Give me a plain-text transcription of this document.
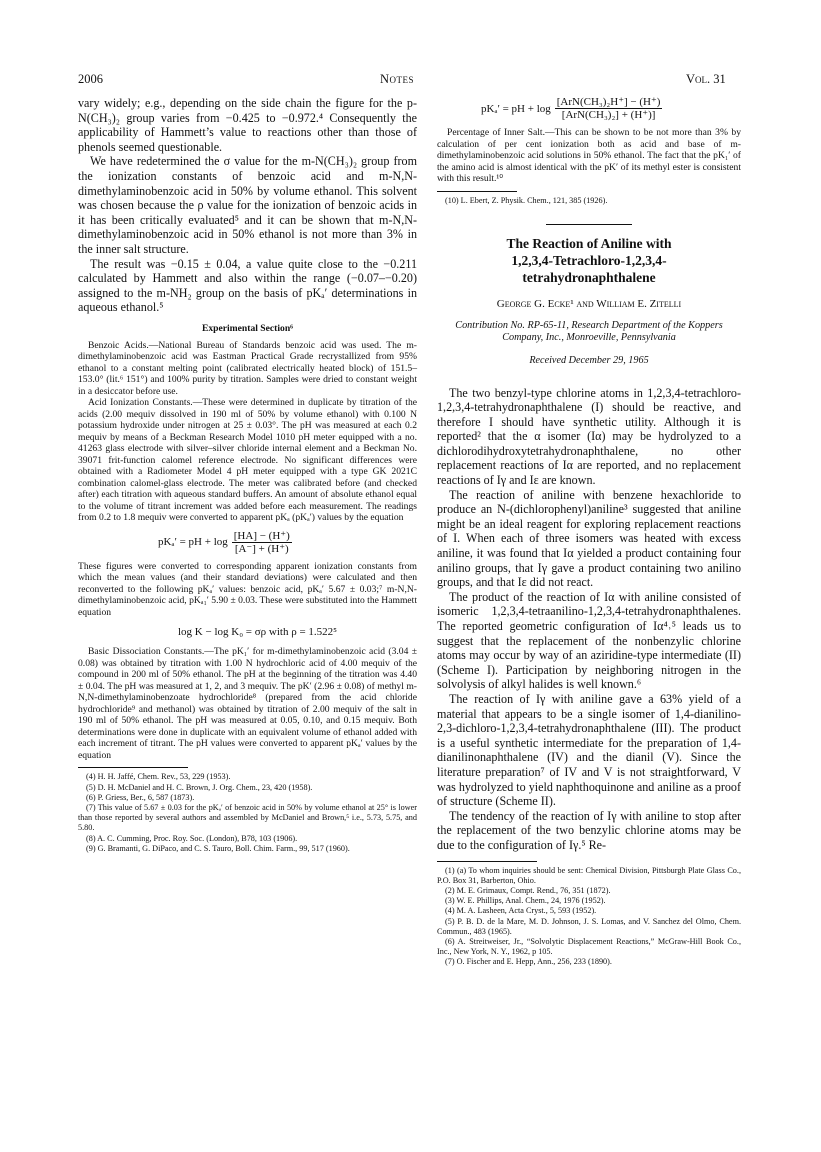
2006	Notes	Vol. 31

vary widely; e.g., depending on the side chain the figure for the p-N(CH₃)₂ group varies from −0.425 to −0.972.⁴ Consequently the applicability of Hammett’s value to reactions other than those of phenols seemed questionable.

We have redetermined the σ value for the m-N(CH₃)₂ group from the ionization constants of benzoic acid and m-N,N-dimethylaminobenzoic acid in 50% by volume ethanol. This solvent was chosen because the ρ value for the ionization of benzoic acids in it has been critically evaluated⁵ and it can be shown that m-N,N-dimethylaminobenzoic acid in 50% ethanol is not more than 3% in the inner salt structure.

The result was −0.15 ± 0.04, a value quite close to the −0.211 calculated by Hammett and also within the range (−0.07–−0.20) assigned to the m-NH₂ group on the basis of pKₐ′ determinations in aqueous ethanol.⁵

Experimental Section⁶

Benzoic Acids.—National Bureau of Standards benzoic acid was used. The m-dimethylaminobenzoic acid was Eastman Practical Grade recrystallized from 95% ethanol to a constant melting point (calibrated electrically heated block) of 151.5–153.0° (lit.⁶ 151°) and 100% purity by titration. Samples were dried to constant weight in a desiccator before use.

Acid Ionization Constants.—These were determined in duplicate by titration of the acids (2.00 mequiv dissolved in 190 ml of 50% by volume ethanol) with 0.100 N potassium hydroxide under nitrogen at 25 ± 0.03°. The pH was measured at each 0.2 mequiv by means of a Beckman Research Model 1010 pH meter equipped with a no. 41263 glass electrode with silver–silver chloride internal element and a Beckman No. 39071 frit-function calomel reference electrode. No significant differences were obtained with a Radiometer Model 4 pH meter equipped with a type GK 2021C combination calomel-glass electrode. The meter was calibrated before (and checked after) each titration with aqueous standard buffers. An amount of absolute ethanol equal to the volume of titrant increment was added before each measurement. The readings from 0.2 to 1.8 mequiv were converted to apparent pKₐ (pKₐ′) values by the equation

pKₐ′ = pH + $\log \frac{[HA] - (H^+)}{[A^-] + (H^+)}$

These figures were converted to corresponding apparent ionization constants from which the mean values (and their standard deviations) were calculated and then reconverted to the following pKₐ′ values: benzoic acid, pKₐ′ 5.67 ± 0.03;⁷ m-N,N-dimethylaminobenzoic acid, pKₐ₁′ 5.90 ± 0.03. These were substituted into the Hammett equation

log K − log K₀ = σρ with ρ = 1.522⁵

Basic Dissociation Constants.—The pK₁′ for m-dimethylaminobenzoic acid (3.04 ± 0.08) was obtained by titration with 1.00 N hydrochloric acid of 4.00 mequiv of the compound in 200 ml of 50% ethanol. The pH at the beginning of the titration was 4.40 ± 0.04. The pH was measured at 1, 2, and 3 mequiv. The pK′ (2.96 ± 0.08) of methyl m-N,N-dimethylaminobenzoate hydrochloride⁸ (prepared from the acid chloride hydrochloride⁹ and methanol) was obtained by titration of 2.00 mequiv of the salt in 190 ml of 50% ethanol. The pH was measured at 0.05, 0.10, and 0.15 mequiv. Both determinations were done in duplicate with an equivalent volume of ethanol added with each increment of titrant. The pH values were converted to apparent pKₐ′ values by the equation

(4) H. H. Jaffé, Chem. Rev., 53, 229 (1953).

(5) D. H. McDaniel and H. C. Brown, J. Org. Chem., 23, 420 (1958).

(6) P. Griess, Ber., 6, 587 (1873).

(7) This value of 5.67 ± 0.03 for the pKₐ′ of benzoic acid in 50% by volume ethanol at 25° is lower than those reported by several authors and assembled by McDaniel and Brown,⁵ i.e., 5.73, 5.75, and 5.80.

(8) A. C. Cumming, Proc. Roy. Soc. (London), B78, 103 (1906).

(9) G. Bramanti, G. DiPaco, and C. S. Tauro, Boll. Chim. Farm., 99, 517 (1960).

pKₐ′ = pH + $\log \frac{\text{[ArN(CH₃)₂H⁺] − (H⁺)}}{\text{[ArN(CH₃)₂] + (H⁺)]}}$

Percentage of Inner Salt.—This can be shown to be not more than 3% by calculation of per cent ionization both as acid and base of m-dimethylaminobenzoic acid solutions in 50% ethanol. The fact that the pK₁′ of the amino acid is almost identical with the pK′ of its methyl ester is consistent with this result.¹⁰

(10) L. Ebert, Z. Physik. Chem., 121, 385 (1926).

The Reaction of Aniline with

1,2,3,4-Tetrachloro-1,2,3,4-

tetrahydronaphthalene

George G. Ecke¹ and William E. Zitelli

Contribution No. RP-65-11, Research Department of the Koppers Company, Inc., Monroeville, Pennsylvania

Received December 29, 1965

The two benzyl-type chlorine atoms in 1,2,3,4-tetrachloro-1,2,3,4-tetrahydronaphthalene (I) should be reactive, and therefore I should have synthetic utility. Although it is reported² that the α isomer (Iα) may be hydrolyzed to a dichlorodihydroxytetrahydronaphthalene, no other replacement reactions of Iα are reported, and no replacement reactions of Iγ and Iε are known.

The reaction of aniline with benzene hexachloride to produce an N-(dichlorophenyl)aniline³ suggested that aniline might be an ideal reagent for exploring replacement reactions of I. When each of three isomers was heated with excess aniline, it was found that Iα yielded a product containing four anilino groups, that Iγ gave a product containing two anilino groups, and that Iε did not react.

The product of the reaction of Iα with aniline consisted of isomeric 1,2,3,4-tetraanilino-1,2,3,4-tetrahydronaphthalenes. The reported geometric configuration of Iα⁴˒⁵ leads us to suggest that the replacement of the nonbenzylic chlorine atoms may occur by way of an aziridine-type intermediate (II) (Scheme I). Participation by neighboring nitrogen in the solvolysis of alkyl halides is well known.⁶

The reaction of Iγ with aniline gave a 63% yield of a material that appears to be a single isomer of 1,4-dianilino-2,3-dichloro-1,2,3,4-tetrahydronaphthalene (III). The product is a useful synthetic intermediate for the preparation of 1,4-dianilinonaphthalene (IV) and the dianil (V). Since the literature preparation⁷ of IV and V is not straightforward, V was hydrolyzed to yield naphthoquinone and aniline as a proof of structure (Scheme II).

The tendency of the reaction of Iγ with aniline to stop after the replacement of the two benzylic chlorine atoms may be due to the configuration of Iγ.⁵ Re-

(1) (a) To whom inquiries should be sent: Chemical Division, Pittsburgh Plate Glass Co., P.O. Box 31, Barberton, Ohio.

(2) M. E. Grimaux, Compt. Rend., 76, 351 (1872).

(3) W. E. Phillips, Anal. Chem., 24, 1976 (1952).

(4) M. A. Lasheen, Acta Cryst., 5, 593 (1952).

(5) P. B. D. de la Mare, M. D. Johnson, J. S. Lomas, and V. Sanchez del Olmo, Chem. Commun., 483 (1965).

(6) A. Streitweiser, Jr., “Solvolytic Displacement Reactions,” McGraw-Hill Book Co., Inc., New York, N. Y., 1962, p 105.

(7) O. Fischer and E. Hepp, Ann., 256, 233 (1890).
